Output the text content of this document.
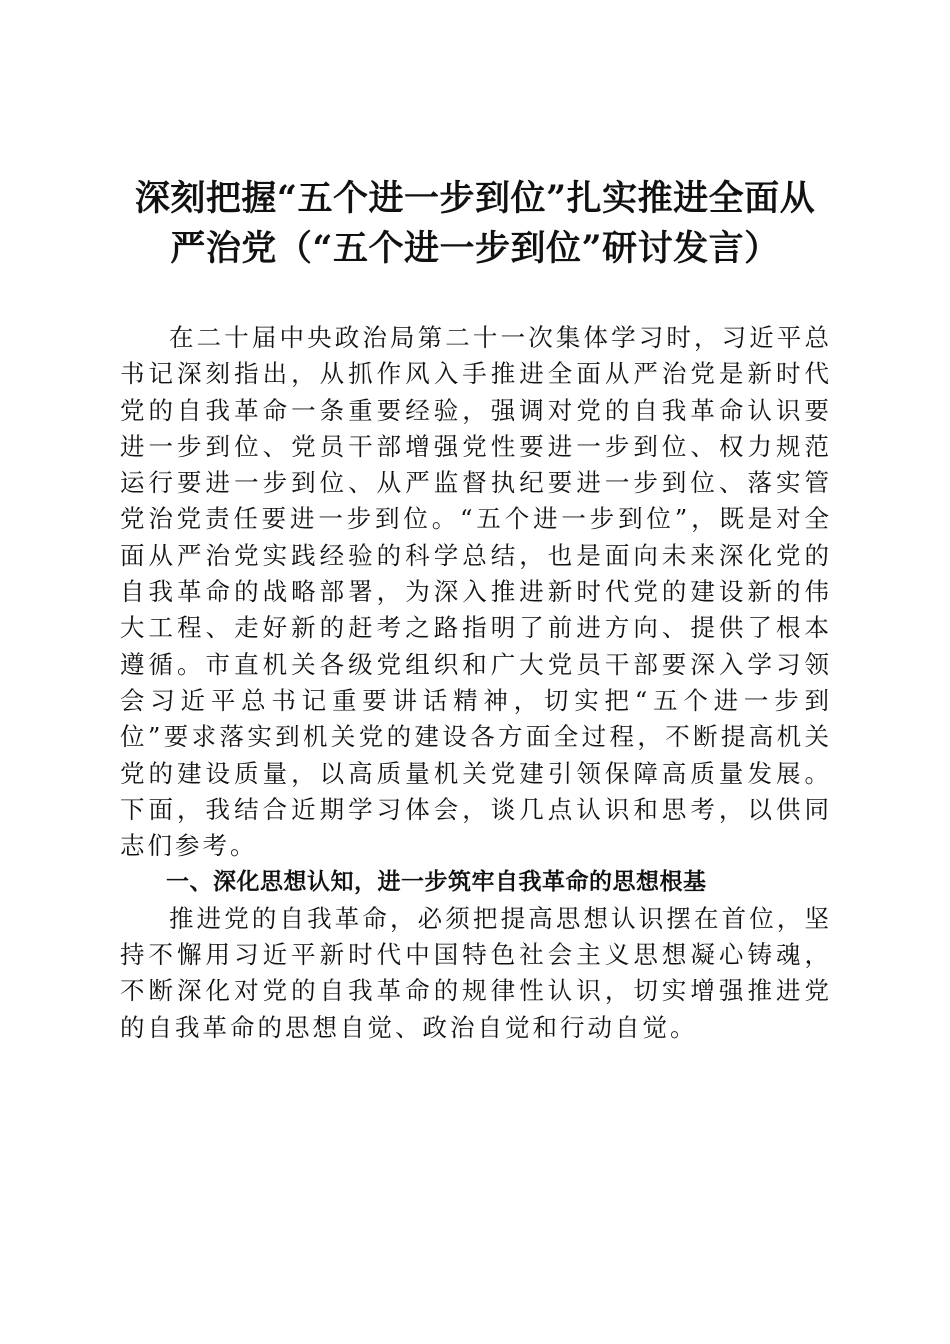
深刻把握“五个进一步到位”扎实推进全面从
严治党（“五个进一步到位”研讨发言）

在二十届中央政治局第二十一次集体学习时，习近平总书记深刻指出，从抓作风入手推进全面从严治党是新时代党的自我革命一条重要经验，强调对党的自我革命认识要进一步到位、党员干部增强党性要进一步到位、权力规范运行要进一步到位、从严监督执纪要进一步到位、落实管党治党责任要进一步到位。“五个进一步到位”，既是对全面从严治党实践经验的科学总结，也是面向未来深化党的自我革命的战略部署，为深入推进新时代党的建设新的伟大工程、走好新的赶考之路指明了前进方向、提供了根本遵循。市直机关各级党组织和广大党员干部要深入学习领会习近平总书记重要讲话精神，切实把“五个进一步到位”要求落实到机关党的建设各方面全过程，不断提高机关党的建设质量，以高质量机关党建引领保障高质量发展。下面，我结合近期学习体会，谈几点认识和思考，以供同志们参考。

一、深化思想认知，进一步筑牢自我革命的思想根基

推进党的自我革命，必须把提高思想认识摆在首位，坚持不懈用习近平新时代中国特色社会主义思想凝心铸魂，不断深化对党的自我革命的规律性认识，切实增强推进党的自我革命的思想自觉、政治自觉和行动自觉。
